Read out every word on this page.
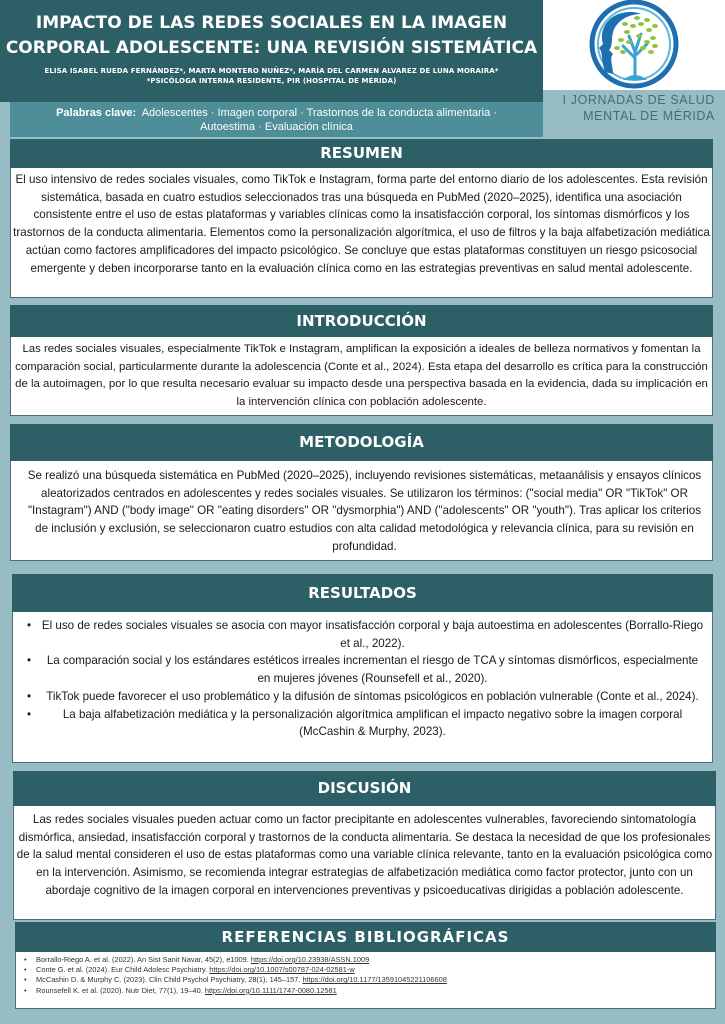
IMPACTO DE LAS REDES SOCIALES EN LA IMAGEN
CORPORAL ADOLESCENTE: UNA REVISIÓN SISTEMÁTICA
ELISA ISABEL RUEDA FERNÁNDEZ*, MARTA MONTERO NUÑEZ*, MARÍA DEL CARMEN ALVAREZ DE LUNA MORAIRA*
*PSICÓLOGA INTERNA RESIDENTE, PIR (HOSPITAL DE MÉRIDA)
Palabras clave: Adolescentes · Imagen corporal · Trastornos de la conducta alimentaria ·
Autoestima · Evaluación clínica
I JORNADAS DE SALUD
MENTAL DE MÉRIDA
RESUMEN
El uso intensivo de redes sociales visuales, como TikTok e Instagram, forma parte del entorno diario de los adolescentes. Esta revisión sistemática, basada en cuatro estudios seleccionados tras una búsqueda en PubMed (2020–2025), identifica una asociación consistente entre el uso de estas plataformas y variables clínicas como la insatisfacción corporal, los síntomas dismórficos y los trastornos de la conducta alimentaria. Elementos como la personalización algorítmica, el uso de filtros y la baja alfabetización mediática actúan como factores amplificadores del impacto psicológico. Se concluye que estas plataformas constituyen un riesgo psicosocial emergente y deben incorporarse tanto en la evaluación clínica como en las estrategias preventivas en salud mental adolescente.
INTRODUCCIÓN
Las redes sociales visuales, especialmente TikTok e Instagram, amplifican la exposición a ideales de belleza normativos y fomentan la comparación social, particularmente durante la adolescencia (Conte et al., 2024). Esta etapa del desarrollo es crítica para la construcción de la autoimagen, por lo que resulta necesario evaluar su impacto desde una perspectiva basada en la evidencia, dada su implicación en la intervención clínica con población adolescente.
METODOLOGÍA
Se realizó una búsqueda sistemática en PubMed (2020–2025), incluyendo revisiones sistemáticas, metaanálisis y ensayos clínicos aleatorizados centrados en adolescentes y redes sociales visuales. Se utilizaron los términos: ("social media" OR "TikTok" OR "Instagram") AND ("body image" OR "eating disorders" OR "dysmorphia") AND ("adolescents" OR "youth"). Tras aplicar los criterios de inclusión y exclusión, se seleccionaron cuatro estudios con alta calidad metodológica y relevancia clínica, para su revisión en profundidad.
RESULTADOS
• El uso de redes sociales visuales se asocia con mayor insatisfacción corporal y baja autoestima en adolescentes (Borrallo-Riego et al., 2022).
• La comparación social y los estándares estéticos irreales incrementan el riesgo de TCA y síntomas dismórficos, especialmente en mujeres jóvenes (Rounsefell et al., 2020).
• TikTok puede favorecer el uso problemático y la difusión de síntomas psicológicos en población vulnerable (Conte et al., 2024).
•	La baja alfabetización mediática y la personalización algorítmica amplifican el impacto negativo sobre la imagen corporal (McCashin & Murphy, 2023).
DISCUSIÓN
Las redes sociales visuales pueden actuar como un factor precipitante en adolescentes vulnerables, favoreciendo sintomatología dismórfica, ansiedad, insatisfacción corporal y trastornos de la conducta alimentaria. Se destaca la necesidad de que los profesionales de la salud mental consideren el uso de estas plataformas como una variable clínica relevante, tanto en la evaluación psicológica como en la intervención. Asimismo, se recomienda integrar estrategias de alfabetización mediática como factor protector, junto con un abordaje cognitivo de la imagen corporal en intervenciones preventivas y psicoeducativas dirigidas a población adolescente.
REFERENCIAS BIBLIOGRÁFICAS
• Borrallo-Riego A. et al. (2022). An Sist Sanit Navar, 45(2), e1009. https://doi.org/10.23938/ASSN.1009
• Conte G. et al. (2024). Eur Child Adolesc Psychiatry. https://doi.org/10.1007/s00787-024-02581-w
• McCashin D. & Murphy C. (2023). Clin Child Psychol Psychiatry, 28(1), 145–157. https://doi.org/10.1177/13591045221106608
• Rounsefell K. et al. (2020). Nutr Diet, 77(1), 19–40. https://doi.org/10.1111/1747-0080.12581
